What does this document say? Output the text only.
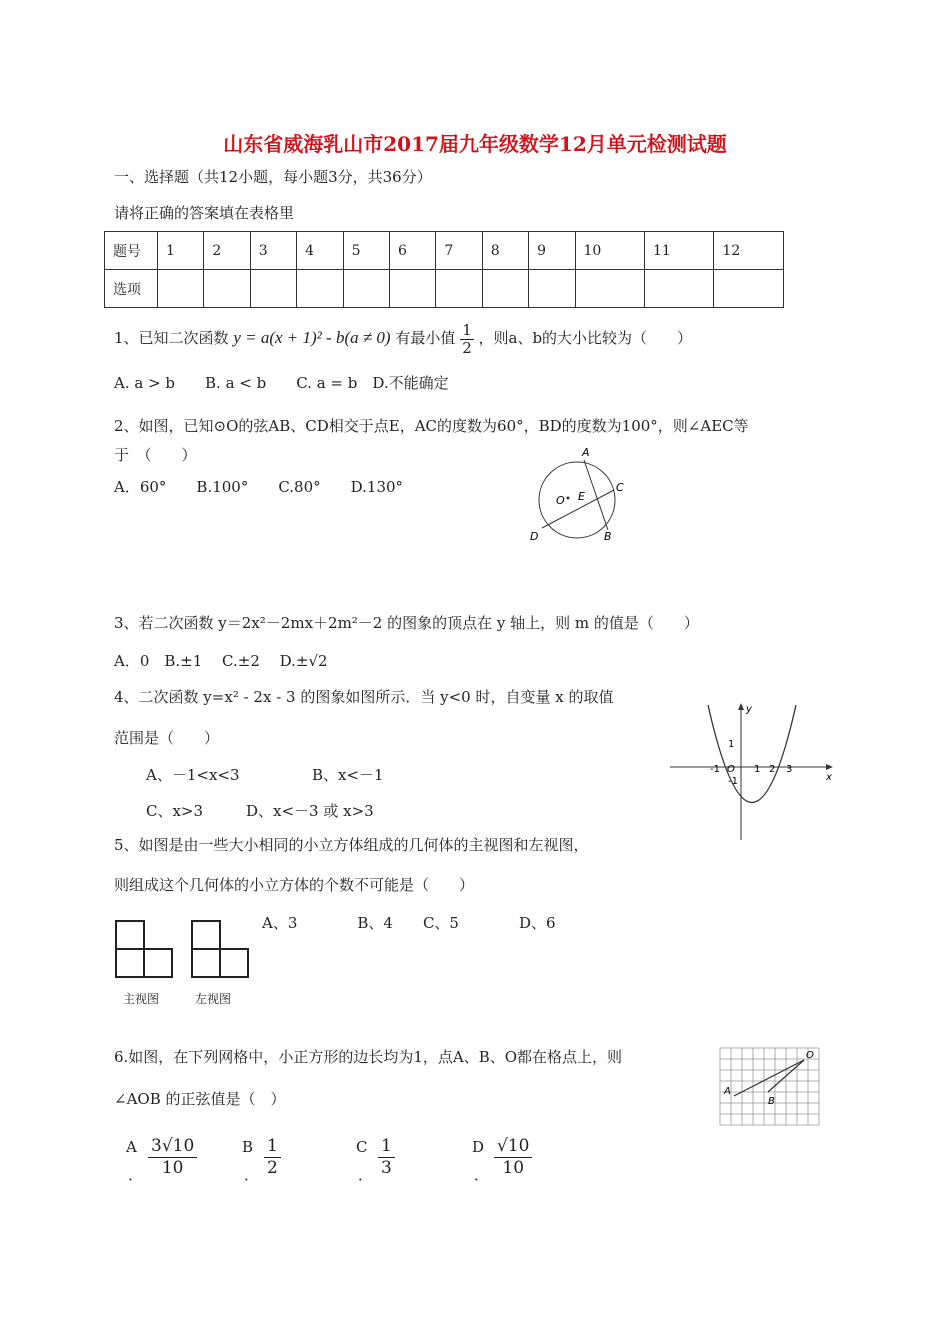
山东省威海乳山市2017届九年级数学12月单元检测试题
一、选择题（共12小题，每小题3分，共36分）
请将正确的答案填在表格里
题号	1	2	3	4	5	6	7	8	9	10	11	12
选项												
1、已知二次函数 y = a(x + 1)² - b(a ≠ 0) 有最小值 $\frac{1}{2}$ ，则a、b的大小比较为（　　）
A. a > b　　B. a < b　　C. a = b　D.不能确定
2、如图，已知⊙O的弦AB、CD相交于点E，AC的度数为60°，BD的度数为100°，则∠AEC等
于　（　　）
A．60°　　B.100°　　C.80°　　D.130°
A
C
O E
D	B
3、若二次函数 y＝2x²－2mx＋2m²－2 的图象的顶点在 y 轴上，则 m 的值是（　　）
A．0　B.±1　 C.±2　 D.±√2
4、二次函数 y=x² - 2x - 3 的图象如图所示．当 y<0 时，自变量 x 的取值
范围是（　　）
A、－1<x<3	B、x<－1
C、x>3	D、x<－3 或 x>3
y
x
1
-1 O 1 2 3
-1
5、如图是由一些大小相同的小立方体组成的几何体的主视图和左视图，
则组成这个几何体的小立方体的个数不可能是（　　）
A、3　　　　B、4　　C、5　　　　D、6
主视图	左视图
6.如图，在下列网格中，小正方形的边长均为1，点A、B、O都在格点上，则
∠AOB 的正弦值是（　）
O
A
B
A 3√10
10
．
B 1
2
．
C 1
3
．
D √10
10
．
